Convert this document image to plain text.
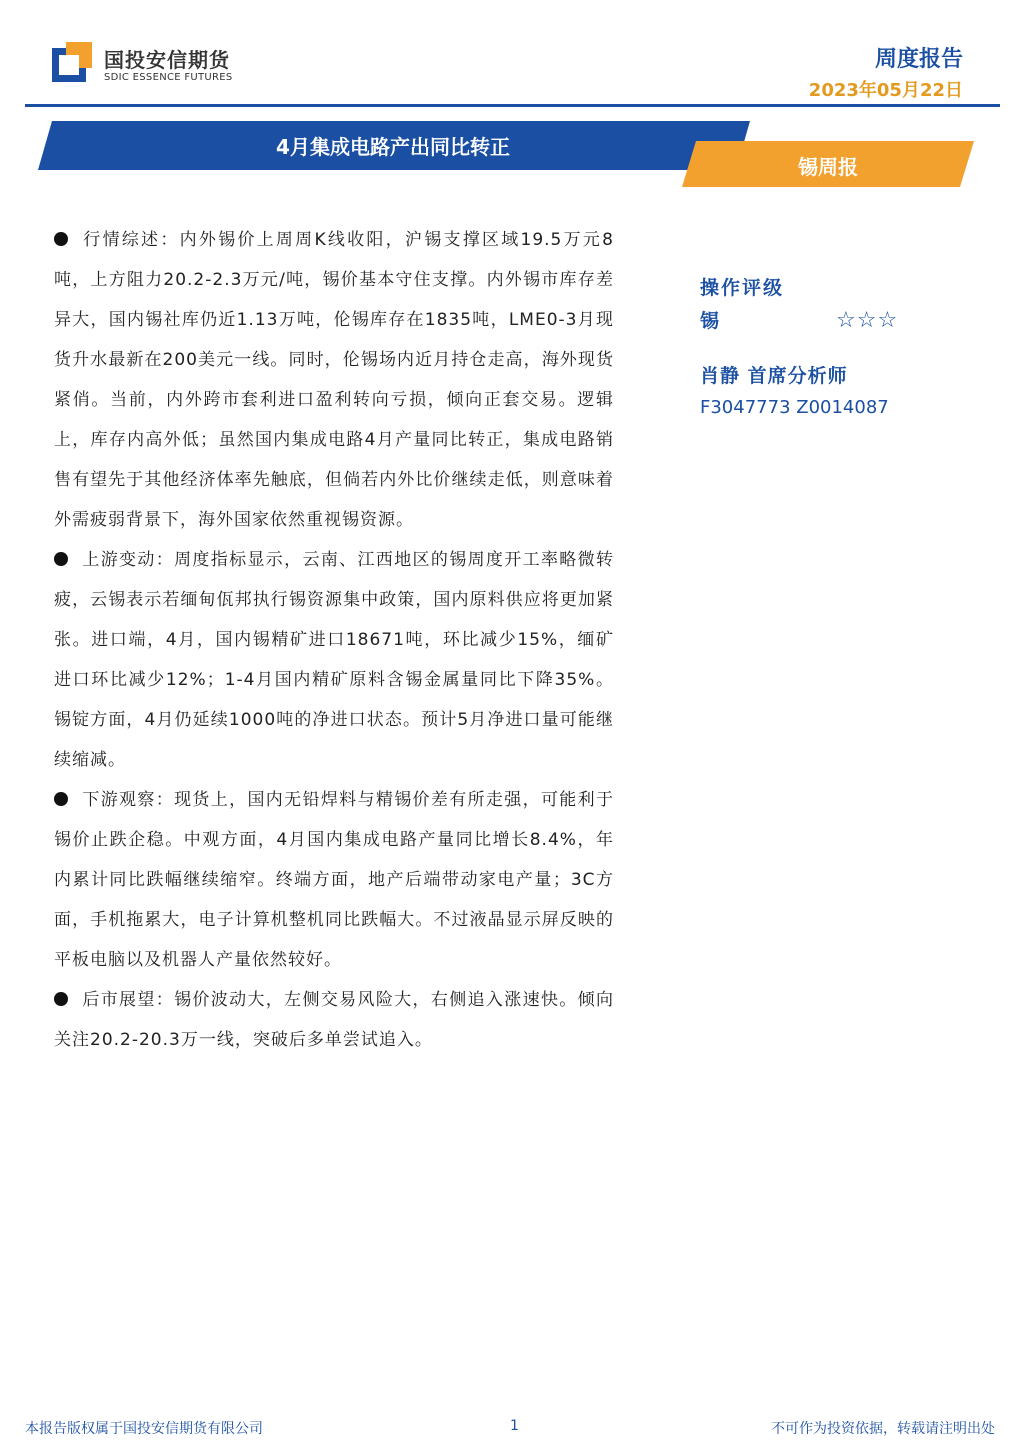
国投安信期货
SDIC ESSENCE FUTURES
周度报告
2023年05月22日
4月集成电路产出同比转正
锡周报

行情综述：内外锡价上周周K线收阳，沪锡支撑区域19.5万元8吨，上方阻力20.2-2.3万元/吨，锡价基本守住支撑。内外锡市库存差异大，国内锡社库仍近1.13万吨，伦锡库存在1835吨，LME0-3月现货升水最新在200美元一线。同时，伦锡场内近月持仓走高，海外现货紧俏。当前，内外跨市套利进口盈利转向亏损，倾向正套交易。逻辑上，库存内高外低；虽然国内集成电路4月产量同比转正，集成电路销售有望先于其他经济体率先触底，但倘若内外比价继续走低，则意味着外需疲弱背景下，海外国家依然重视锡资源。

上游变动：周度指标显示，云南、江西地区的锡周度开工率略微转疲，云锡表示若缅甸佤邦执行锡资源集中政策，国内原料供应将更加紧张。进口端，4月，国内锡精矿进口18671吨，环比减少15%，缅矿进口环比减少12%；1-4月国内精矿原料含锡金属量同比下降35%。锡锭方面，4月仍延续1000吨的净进口状态。预计5月净进口量可能继续缩减。

下游观察：现货上，国内无铅焊料与精锡价差有所走强，可能利于锡价止跌企稳。中观方面，4月国内集成电路产量同比增长8.4%，年内累计同比跌幅继续缩窄。终端方面，地产后端带动家电产量；3C方面，手机拖累大，电子计算机整机同比跌幅大。不过液晶显示屏反映的平板电脑以及机器人产量依然较好。

后市展望：锡价波动大，左侧交易风险大，右侧追入涨速快。倾向关注20.2-20.3万一线，突破后多单尝试追入。

操作评级
锡	☆☆☆
肖静 首席分析师
F3047773 Z0014087
本报告版权属于国投安信期货有限公司	1	不可作为投资依据，转载请注明出处
